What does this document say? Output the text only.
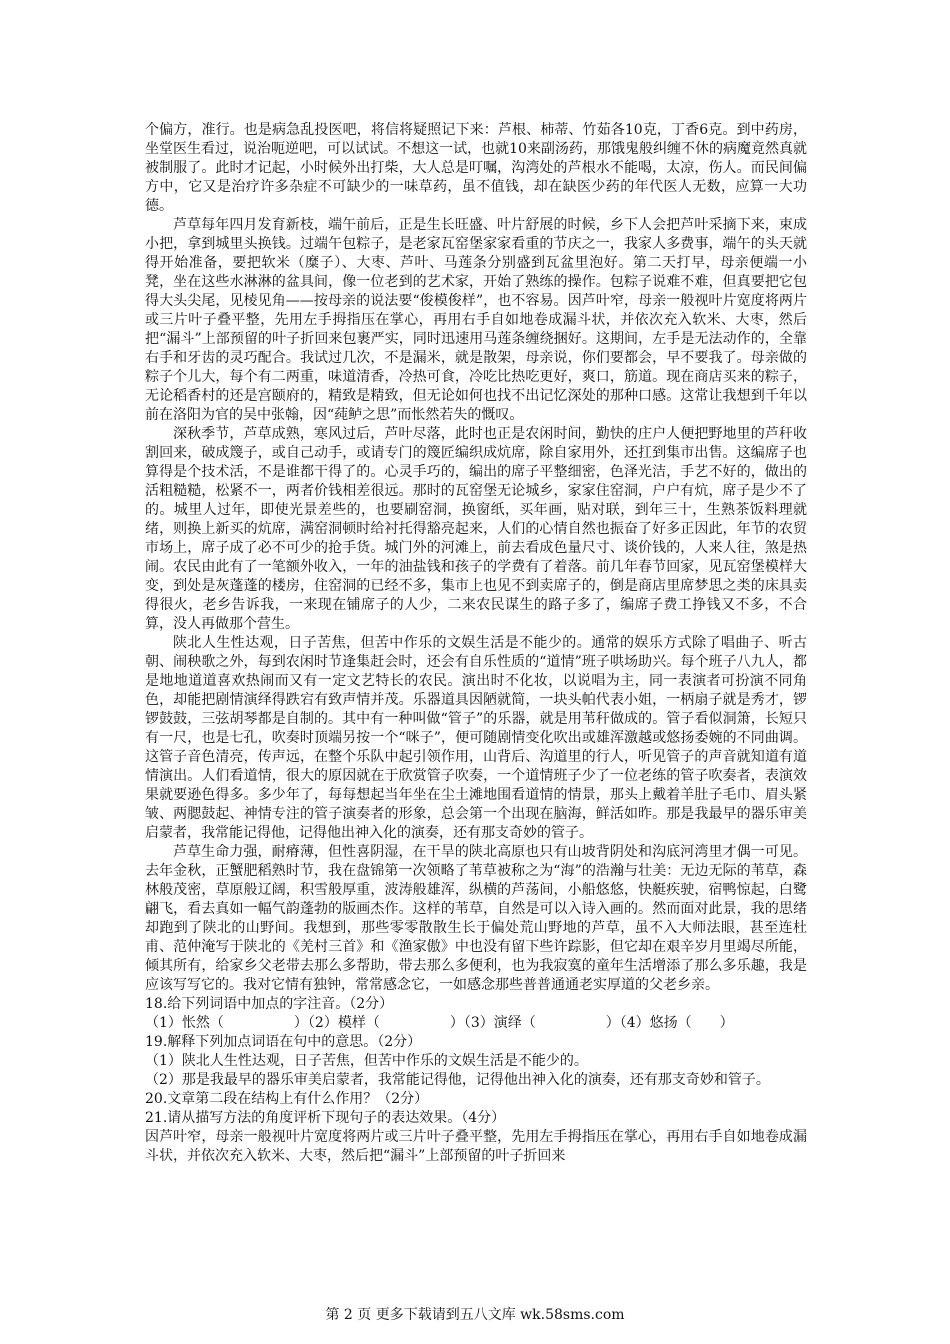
个偏方，准行。也是病急乱投医吧，将信将疑照记下来：芦根、柿蒂、竹茹各10克，丁香6克。到中药房，坐堂医生看过，说治呃逆吧，可以试试。不想这一试，也就10来副汤药，那饿鬼般纠缠不休的病魔竟然真就被制服了。此时才记起，小时候外出打柴，大人总是叮嘱，沟湾处的芦根水不能喝，太凉，伤人。而民间偏方中，它又是治疗许多杂症不可缺少的一味草药，虽不值钱，却在缺医少药的年代医人无数，应算一大功德。

芦草每年四月发育新枝，端午前后，正是生长旺盛、叶片舒展的时候，乡下人会把芦叶采摘下来，束成小把，拿到城里头换钱。过端午包粽子，是老家瓦窑堡家家看重的节庆之一，我家人多费事，端午的头天就得开始准备，要把软米（糜子）、大枣、芦叶、马莲条分别盛到瓦盆里泡好。第二天打早，母亲便端一小凳，坐在这些水淋淋的盆具间，像一位老到的艺术家，开始了熟练的操作。包粽子说难不难，但真要把它包得大头尖尾，见棱见角——按母亲的说法要“俊模俊样”，也不容易。因芦叶窄，母亲一般视叶片宽度将两片或三片叶子叠平整，先用左手拇指压在掌心，再用右手自如地卷成漏斗状，并依次充入软米、大枣，然后把“漏斗”上部预留的叶子折回来包裹严实，同时迅速用马莲条缠绕捆好。这期间，左手是无法动作的，全靠右手和牙齿的灵巧配合。我试过几次，不是漏米，就是散架，母亲说，你们要都会，早不要我了。母亲做的粽子个儿大，每个有二两重，味道清香，冷热可食，冷吃比热吃更好，爽口，筋道。现在商店买来的粽子，无论稻香村的还是宫颐府的，精致是精致，但无论如何也找不出记忆深处的那种口感。这常让我想到千年以前在洛阳为官的吴中张翰，因“莼鲈之思”而怅然若失的慨叹。

深秋季节，芦草成熟，寒风过后，芦叶尽落，此时也正是农闲时间，勤快的庄户人便把野地里的芦秆收割回来，破成篾子，或自己动手，或请专门的篾匠编织成炕席，除自家用外，还扛到集市出售。这编席子也算得是个技术活，不是谁都干得了的。心灵手巧的，编出的席子平整细密，色泽光洁，手艺不好的，做出的活粗糙糙，松紧不一，两者价钱相差很远。那时的瓦窑堡无论城乡，家家住窑洞，户户有炕，席子是少不了的。城里人过年，即使光景差些的，也要刷窑洞，换窗纸，买年画，贴对联，到年三十，生熟茶饭料理就绪，则换上新买的炕席，满窑洞顿时给衬托得豁亮起来，人们的心情自然也振奋了好多正因此，年节的农贸市场上，席子成了必不可少的抢手货。城门外的河滩上，前去看成色量尺寸、谈价钱的，人来人往，煞是热闹。农民由此有了一笔额外收入，一年的油盐钱和孩子的学费有了着落。前几年春节回家，见瓦窑堡模样大变，到处是灰蓬蓬的楼房，住窑洞的已经不多，集市上也见不到卖席子的，倒是商店里席梦思之类的床具卖得很火，老乡告诉我，一来现在铺席子的人少，二来农民谋生的路子多了，编席子费工挣钱又不多，不合算，没人再做那个营生。

陕北人生性达观，日子苦焦，但苦中作乐的文娱生活是不能少的。通常的娱乐方式除了唱曲子、听古朝、闹秧歌之外，每到农闲时节逢集赶会时，还会有自乐性质的“道情”班子哄场助兴。每个班子八九人，都是地地道道喜欢热闹而又有一定文艺特长的农民。演出时不化妆，以说唱为主，同一表演者可扮演不同角色，却能把剧情演绎得跌宕有致声情并茂。乐器道具因陋就简，一块头帕代表小姐，一柄扇子就是秀才，锣锣鼓鼓，三弦胡琴都是自制的。其中有一种叫做“管子”的乐器，就是用苇秆做成的。管子看似洞箫，长短只有一尺，也是七孔，吹奏时顶端另按一个“咪子”，便可随剧情变化吹出或雄浑激越或悠扬委婉的不同曲调。这管子音色清亮，传声远，在整个乐队中起引领作用，山背后、沟道里的行人，听见管子的声音就知道有道情演出。人们看道情，很大的原因就在于欣赏管子吹奏，一个道情班子少了一位老练的管子吹奏者，表演效果就要逊色得多。多少年了，每每想起当年坐在尘土滩地围看道情的情景，那头上戴着羊肚子毛巾、眉头紧皱、两腮鼓起、神情专注的管子演奏者的形象，总会第一个出现在脑海，鲜活如昨。那是我最早的器乐审美启蒙者，我常能记得他，记得他出神入化的演奏，还有那支奇妙的管子。

芦草生命力强，耐瘠薄，但性喜阴湿，在干旱的陕北高原也只有山坡背阴处和沟底河湾里才偶一可见。去年金秋，正蟹肥稻熟时节，我在盘锦第一次领略了苇草被称之为“海”的浩瀚与壮美：无边无际的苇草，森林般茂密，草原般辽阔，积雪般厚重，波涛般雄浑，纵横的芦荡间，小船悠悠，快艇疾驶，宿鸭惊起，白鹭翩飞，看去真如一幅气韵蓬勃的版画杰作。这样的苇草，自然是可以入诗入画的。然而面对此景，我的思绪却跑到了陕北的山野间。我想到，那些零零散散生长于偏处荒山野地的芦草，虽不入大师法眼，甚至连杜甫、范仲淹写于陕北的《羌村三首》和《渔家傲》中也没有留下些许踪影，但它却在艰辛岁月里竭尽所能，倾其所有，给家乡父老带去那么多帮助，带去那么多便利，也为我寂寞的童年生活增添了那么多乐趣，我是应该写写它的。我对它情有独钟，常常感念它，一如感念那些普普通通老实厚道的父老乡亲。

18.给下列词语中加点的字注音。（2分）

（1）怅然（　　　　　）（2）模样（　　　　　）（3）演绎（　　　　　）（4）悠扬（　　）

19.解释下列加点词语在句中的意思。（2分）

（1）陕北人生性达观，日子苦焦，但苦中作乐的文娱生活是不能少的。

（2）那是我最早的器乐审美启蒙者，我常能记得他，记得他出神入化的演奏，还有那支奇妙和管子。

20.文章第二段在结构上有什么作用？（2分）

21.请从描写方法的角度评析下现句子的表达效果。（4分）

因芦叶窄，母亲一般视叶片宽度将两片或三片叶子叠平整，先用左手拇指压在掌心，再用右手自如地卷成漏斗状，并依次充入软米、大枣，然后把“漏斗”上部预留的叶子折回来

第 2 页 更多下载请到五八文库 wk.58sms.com
